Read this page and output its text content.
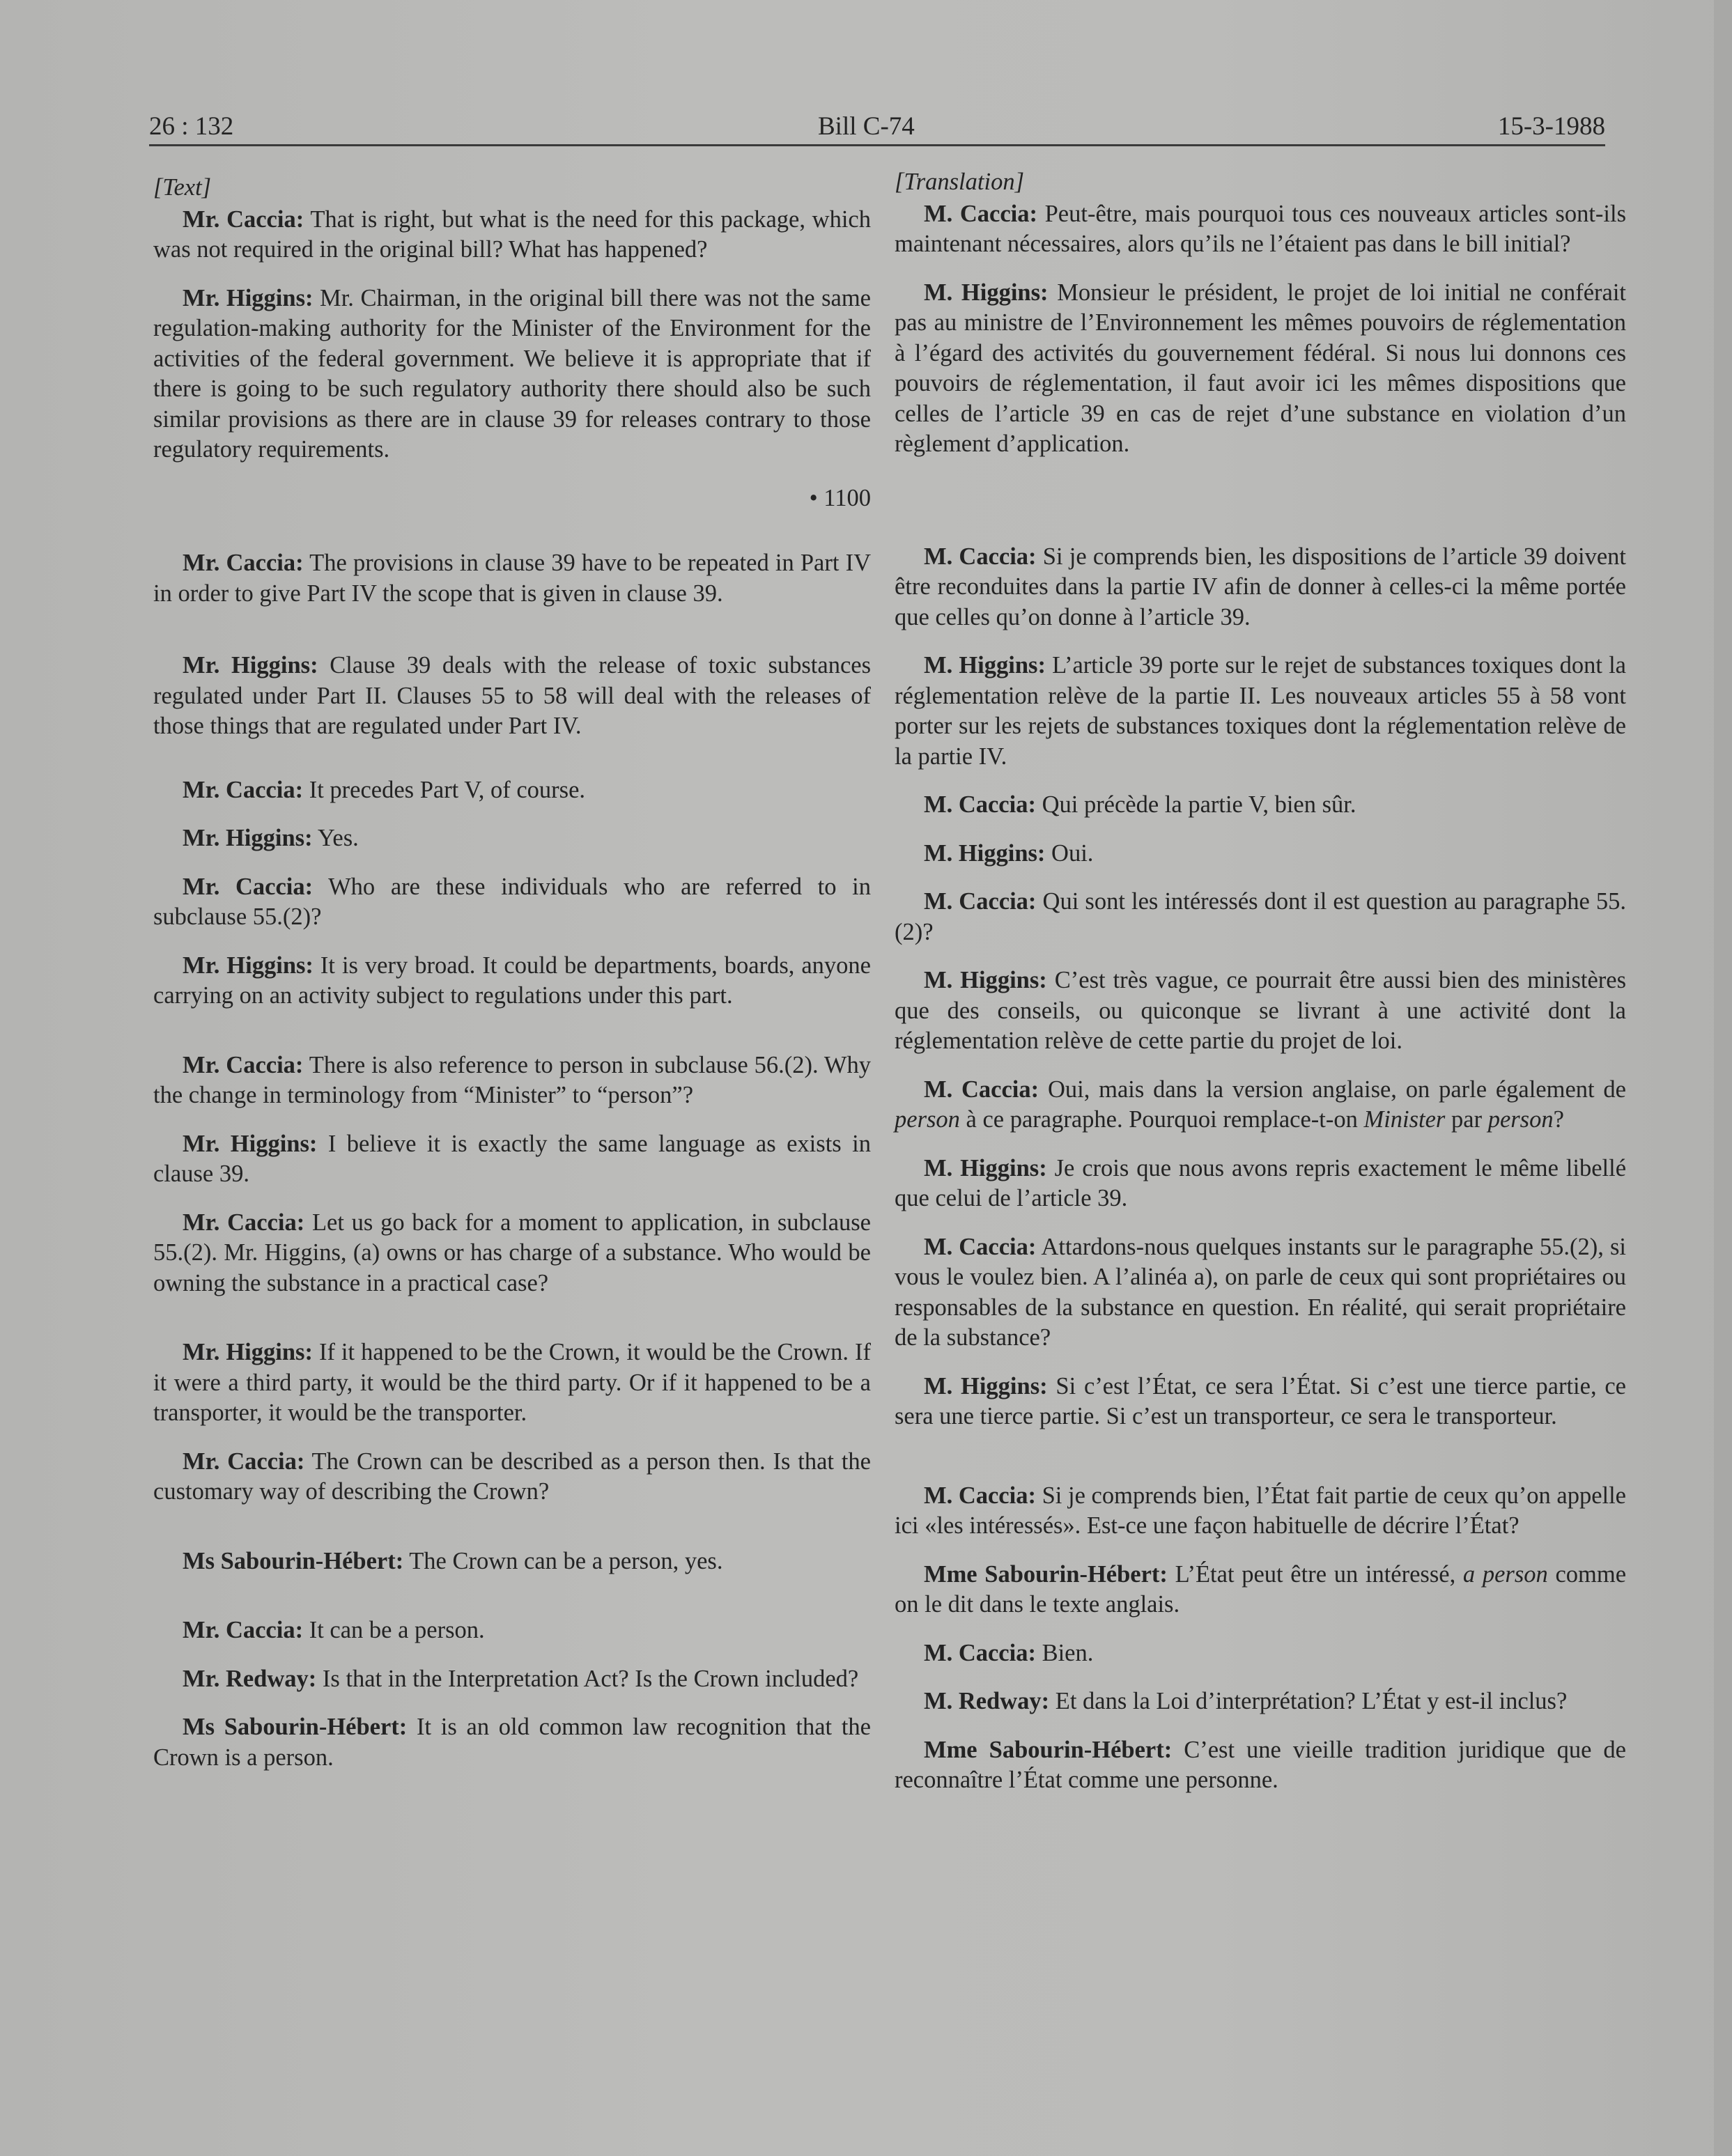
26 : 132	Bill C-74	15-3-1988
[Text]

Mr. Caccia: That is right, but what is the need for this package, which was not required in the original bill? What has happened?

Mr. Higgins: Mr. Chairman, in the original bill there was not the same regulation-making authority for the Minister of the Environment for the activities of the federal government. We believe it is appropriate that if there is going to be such regulatory authority there should also be such similar provisions as there are in clause 39 for releases contrary to those regulatory requirements.

• 1100

Mr. Caccia: The provisions in clause 39 have to be repeated in Part IV in order to give Part IV the scope that is given in clause 39.

Mr. Higgins: Clause 39 deals with the release of toxic substances regulated under Part II. Clauses 55 to 58 will deal with the releases of those things that are regulated under Part IV.

Mr. Caccia: It precedes Part V, of course.

Mr. Higgins: Yes.

Mr. Caccia: Who are these individuals who are referred to in subclause 55.(2)?

Mr. Higgins: It is very broad. It could be departments, boards, anyone carrying on an activity subject to regulations under this part.

Mr. Caccia: There is also reference to person in subclause 56.(2). Why the change in terminology from “Minister” to “person”?

Mr. Higgins: I believe it is exactly the same language as exists in clause 39.

Mr. Caccia: Let us go back for a moment to application, in subclause 55.(2). Mr. Higgins, (a) owns or has charge of a substance. Who would be owning the substance in a practical case?

Mr. Higgins: If it happened to be the Crown, it would be the Crown. If it were a third party, it would be the third party. Or if it happened to be a transporter, it would be the transporter.

Mr. Caccia: The Crown can be described as a person then. Is that the customary way of describing the Crown?

Ms Sabourin-Hébert: The Crown can be a person, yes.

Mr. Caccia: It can be a person.

Mr. Redway: Is that in the Interpretation Act? Is the Crown included?

Ms Sabourin-Hébert: It is an old common law recognition that the Crown is a person.

[Translation]

M. Caccia: Peut-être, mais pourquoi tous ces nouveaux articles sont-ils maintenant nécessaires, alors qu’ils ne l’étaient pas dans le bill initial?

M. Higgins: Monsieur le président, le projet de loi initial ne conférait pas au ministre de l’Environnement les mêmes pouvoirs de réglementation à l’égard des activités du gouvernement fédéral. Si nous lui donnons ces pouvoirs de réglementation, il faut avoir ici les mêmes dispositions que celles de l’article 39 en cas de rejet d’une substance en violation d’un règlement d’application.

M. Caccia: Si je comprends bien, les dispositions de l’article 39 doivent être reconduites dans la partie IV afin de donner à celles-ci la même portée que celles qu’on donne à l’article 39.

M. Higgins: L’article 39 porte sur le rejet de substances toxiques dont la réglementation relève de la partie II. Les nouveaux articles 55 à 58 vont porter sur les rejets de substances toxiques dont la réglementation relève de la partie IV.

M. Caccia: Qui précède la partie V, bien sûr.

M. Higgins: Oui.

M. Caccia: Qui sont les intéressés dont il est question au paragraphe 55.(2)?

M. Higgins: C’est très vague, ce pourrait être aussi bien des ministères que des conseils, ou quiconque se livrant à une activité dont la réglementation relève de cette partie du projet de loi.

M. Caccia: Oui, mais dans la version anglaise, on parle également de person à ce paragraphe. Pourquoi remplace-t-on Minister par person?

M. Higgins: Je crois que nous avons repris exactement le même libellé que celui de l’article 39.

M. Caccia: Attardons-nous quelques instants sur le paragraphe 55.(2), si vous le voulez bien. A l’alinéa a), on parle de ceux qui sont propriétaires ou responsables de la substance en question. En réalité, qui serait propriétaire de la substance?

M. Higgins: Si c’est l’État, ce sera l’État. Si c’est une tierce partie, ce sera une tierce partie. Si c’est un transporteur, ce sera le transporteur.

M. Caccia: Si je comprends bien, l’État fait partie de ceux qu’on appelle ici «les intéressés». Est-ce une façon habituelle de décrire l’État?

Mme Sabourin-Hébert: L’État peut être un intéressé, a person comme on le dit dans le texte anglais.

M. Caccia: Bien.

M. Redway: Et dans la Loi d’interprétation? L’État y est-il inclus?

Mme Sabourin-Hébert: C’est une vieille tradition juridique que de reconnaître l’État comme une personne.
